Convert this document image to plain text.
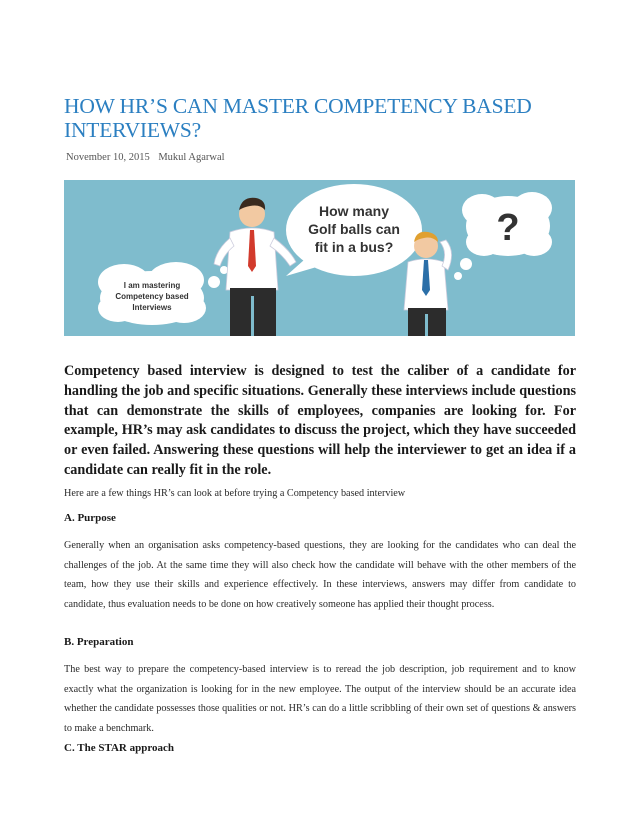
HOW HR’S CAN MASTER COMPETENCY BASED INTERVIEWS?
November 10, 2015 Mukul Agarwal
I am mastering
Competency based
Interviews
How many
Golf balls can
fit in a bus?	?

Competency based interview is designed to test the caliber of a candidate for handling the job and specific situations. Generally these interviews include questions that can demonstrate the skills of employees, companies are looking for. For example, HR’s may ask candidates to discuss the project, which they have succeeded or even failed. Answering these questions will help the interviewer to get an idea if a candidate can really fit in the role.

Here are a few things HR’s can look at before trying a Competency based interview

A. Purpose

Generally when an organisation asks competency-based questions, they are looking for the candidates who can deal the challenges of the job. At the same time they will also check how the candidate will behave with the other members of the team, how they use their skills and experience effectively. In these interviews, answers may differ from candidate to candidate, thus evaluation needs to be done on how creatively someone has applied their thought process.

B. Preparation

The best way to prepare the competency-based interview is to reread the job description, job requirement and to know exactly what the organization is looking for in the new employee. The output of the interview should be an accurate idea whether the candidate possesses those qualities or not. HR’s can do a little scribbling of their own set of questions & answers to make a benchmark.

C. The STAR approach
